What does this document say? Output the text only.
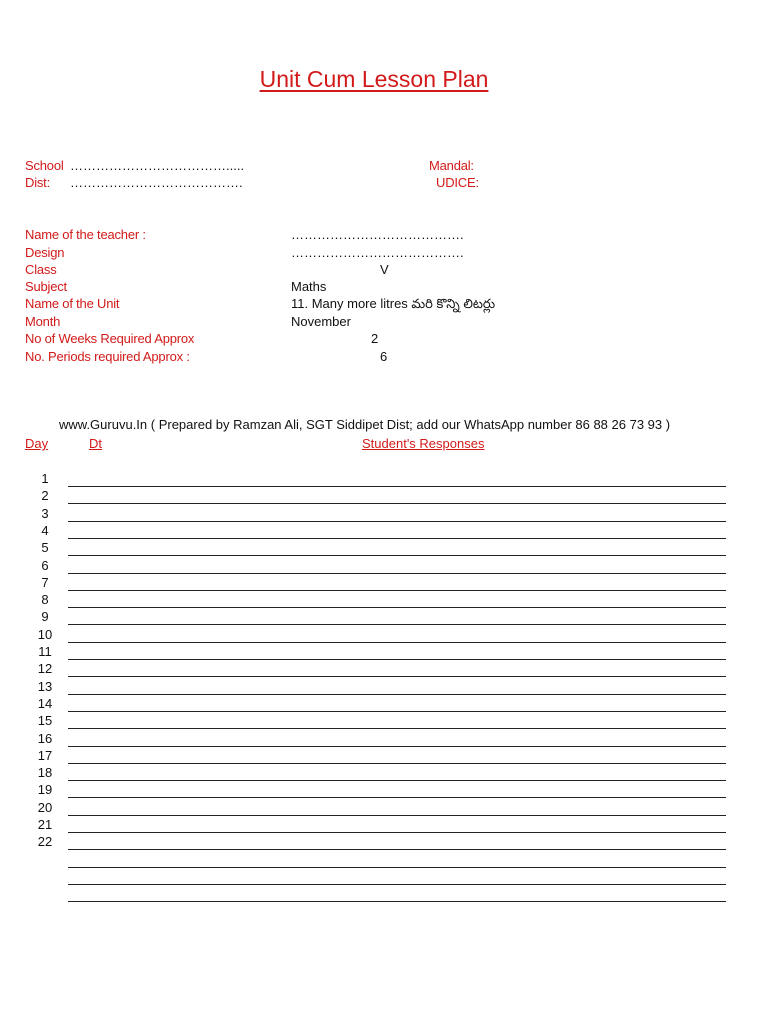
Unit Cum Lesson Plan
School ……………………………….....
Dist: ………………………………….
Mandal:
UDICE:
Name of the teacher :	………………………………….
Design	………………………………….
Class	V
Subject	Maths
Name of the Unit	11. Many more litres మరి కొన్ని లిటర్లు
Month	November
No of Weeks Required Approx	2
No. Periods required Approx :	6
www.Guruvu.In ( Prepared by Ramzan Ali, SGT Siddipet Dist; add our WhatsApp number 86 88 26 73 93 )
Day	Dt	Student's Responses
1
2
3
4
5
6
7
8
9
10
11
12
13
14
15
16
17
18
19
20
21
22
